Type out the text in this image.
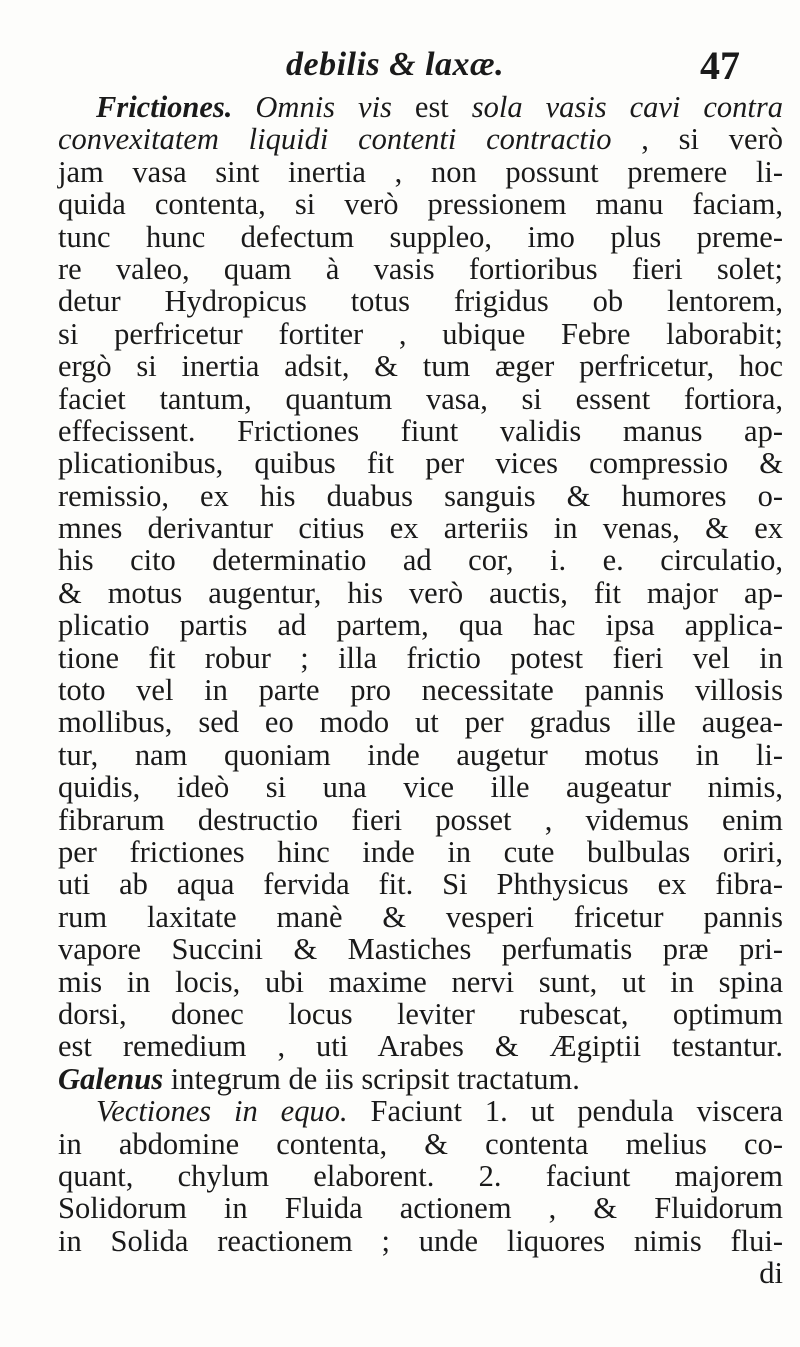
debilis & laxæ.	47
Frictiones. Omnis vis est sola vasis cavi contra
convexitatem liquidi contenti contractio , si verò
jam vasa sint inertia , non possunt premere li-
quida contenta, si verò pressionem manu faciam,
tunc hunc defectum suppleo, imo plus preme-
re valeo, quam à vasis fortioribus fieri solet;
detur Hydropicus totus frigidus ob lentorem,
si perfricetur fortiter , ubique Febre laborabit;
ergò si inertia adsit, & tum æger perfricetur, hoc
faciet tantum, quantum vasa, si essent fortiora,
effecissent. Frictiones fiunt validis manus ap-
plicationibus, quibus fit per vices compressio &
remissio, ex his duabus sanguis & humores o-
mnes derivantur citius ex arteriis in venas, & ex
his cito determinatio ad cor, i. e. circulatio,
& motus augentur, his verò auctis, fit major ap-
plicatio partis ad partem, qua hac ipsa applica-
tione fit robur ; illa frictio potest fieri vel in
toto vel in parte pro necessitate pannis villosis
mollibus, sed eo modo ut per gradus ille augea-
tur, nam quoniam inde augetur motus in li-
quidis, ideò si una vice ille augeatur nimis,
fibrarum destructio fieri posset , videmus enim
per frictiones hinc inde in cute bulbulas oriri,
uti ab aqua fervida fit. Si Phthysicus ex fibra-
rum laxitate manè & vesperi fricetur pannis
vapore Succini & Mastiches perfumatis præ pri-
mis in locis, ubi maxime nervi sunt, ut in spina
dorsi, donec locus leviter rubescat, optimum
est remedium , uti Arabes & Ægiptii testantur.
Galenus integrum de iis scripsit tractatum.
Vectiones in equo. Faciunt 1. ut pendula viscera
in abdomine contenta, & contenta melius co-
quant, chylum elaborent. 2. faciunt majorem
Solidorum in Fluida actionem , & Fluidorum
in Solida reactionem ; unde liquores nimis flui-
di
